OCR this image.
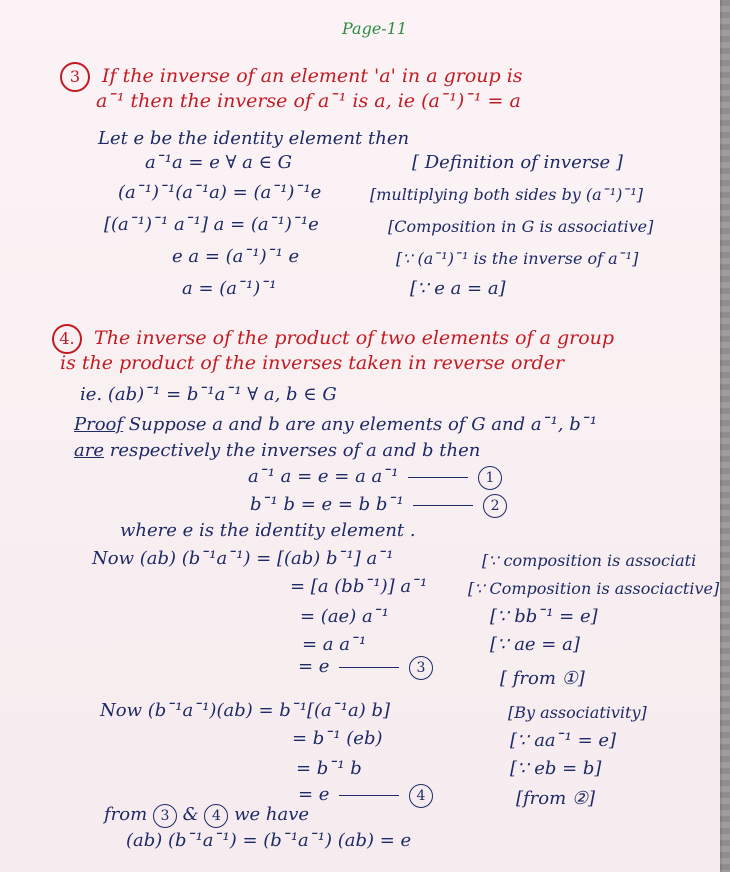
Page-11
3 If the inverse of an element 'a' in a group is
aˉ¹ then the inverse of aˉ¹ is a, ie (aˉ¹)ˉ¹ = a
Let e be the identity element then
aˉ¹a = e ∀ a ∈ G	[ Definition of inverse ]
(aˉ¹)ˉ¹(aˉ¹a) = (aˉ¹)ˉ¹e	[multiplying both sides by (aˉ¹)ˉ¹]
[(aˉ¹)ˉ¹ aˉ¹] a = (aˉ¹)ˉ¹e	[Composition in G is associative]
e a = (aˉ¹)ˉ¹ e	[∵ (aˉ¹)ˉ¹ is the inverse of aˉ¹]
a = (aˉ¹)ˉ¹	[∵ e a = a]
4. The inverse of the product of two elements of a group
is the product of the inverses taken in reverse order
ie. (ab)ˉ¹ = bˉ¹aˉ¹ ∀ a, b ∈ G
Proof Suppose a and b are any elements of G and aˉ¹, bˉ¹
are respectively the inverses of a and b then
aˉ¹ a = e = a aˉ¹	1
bˉ¹ b = e = b bˉ¹	2
where e is the identity element .
Now (ab) (bˉ¹aˉ¹) = [(ab) bˉ¹] aˉ¹	[∵ composition is associati
= [a (bbˉ¹)] aˉ¹	[∵ Composition is associactive]
= (ae) aˉ¹	[∵ bbˉ¹ = e]
= a aˉ¹	[∵ ae = a]
= e	3	[ from ①]
Now (bˉ¹aˉ¹)(ab) = bˉ¹[(aˉ¹a) b]	[By associativity]
= bˉ¹ (eb)	[∵ aaˉ¹ = e]
= bˉ¹ b	[∵ eb = b]
= e	4	[from ②]
from 3 & 4 we have
(ab) (bˉ¹aˉ¹) = (bˉ¹aˉ¹) (ab) = e
